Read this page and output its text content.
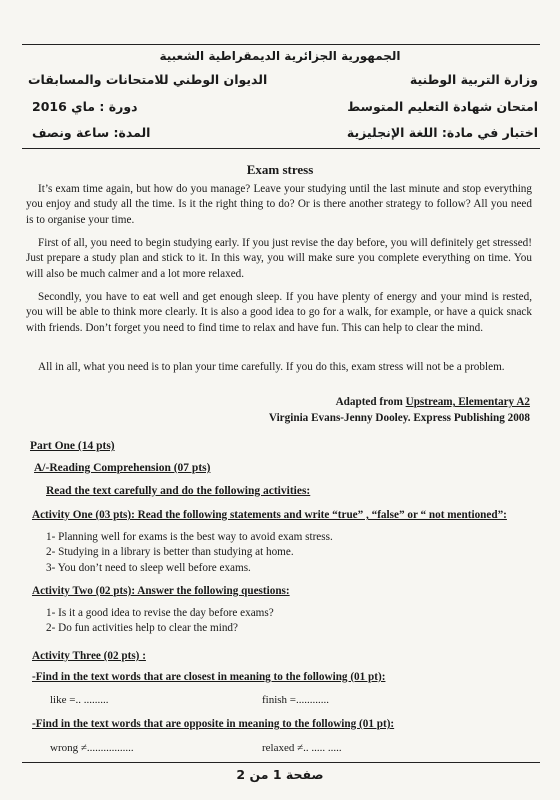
الجمهورية الجزائرية الديمقراطية الشعبية
وزارة التربية الوطنية
الديوان الوطني للامتحانات والمسابقات
امتحان شهادة التعليم المتوسط
دورة : ماي 2016
اختبار في مادة: اللغة الإنجليزية
المدة: ساعة ونصف
Exam stress
It’s exam time again, but how do you manage? Leave your studying until the last minute and stop everything you enjoy and study all the time. Is it the right thing to do? Or is there another strategy to follow? All you need is to organise your time.
First of all, you need to begin studying early. If you just revise the day before, you will definitely get stressed! Just prepare a study plan and stick to it. In this way, you will make sure you complete everything on time. You will also be much calmer and a lot more relaxed.
Secondly, you have to eat well and get enough sleep. If you have plenty of energy and your mind is rested, you will be able to think more clearly. It is also a good idea to go for a walk, for example, or have a quick snack with friends. Don’t forget you need to find time to relax and have fun. This can help to clear the mind.
All in all, what you need is to plan your time carefully. If you do this, exam stress will not be a problem.
Adapted from Upstream, Elementary A2
Virginia Evans-Jenny Dooley. Express Publishing 2008
Part One (14 pts)
A/-Reading Comprehension (07 pts)
Read the text carefully and do the following activities:
Activity One (03 pts): Read the following statements and write “true” , “false” or “ not mentioned”:
1- Planning well for exams is the best way to avoid exam stress.
2- Studying in a library is better than studying at home.
3- You don’t need to sleep well before exams.
Activity Two (02 pts): Answer the following questions:
1- Is it a good idea to revise the day before exams?
2- Do fun activities help to clear the mind?
Activity Three (02 pts) :
-Find in the text words that are closest in meaning to the following (01 pt):
like =.. .........	finish =............
-Find in the text words that are opposite in meaning to the following (01 pt):
wrong ≠.................	relaxed ≠.. ..... .....
صفحة 1 من 2
